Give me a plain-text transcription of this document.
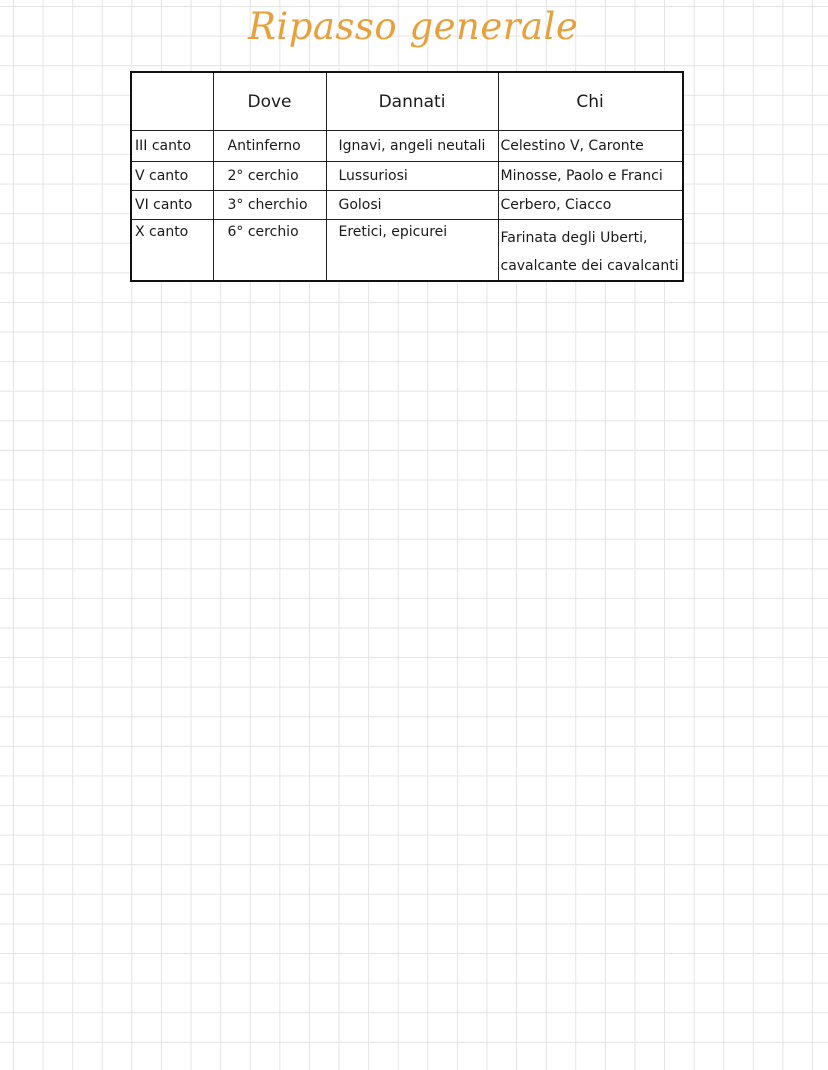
Ripasso generale
	Dove	Dannati	Chi
III canto	Antinferno	Ignavi, angeli neutali	Celestino V, Caronte

V canto	2° cerchio	Lussuriosi	Minosse, Paolo e Franci

VI canto	3° cherchio	Golosi	Cerbero, Ciacco

X canto	6° cerchio	Eretici, epicurei	Farinata degli Uberti,
cavalcante dei cavalcanti
